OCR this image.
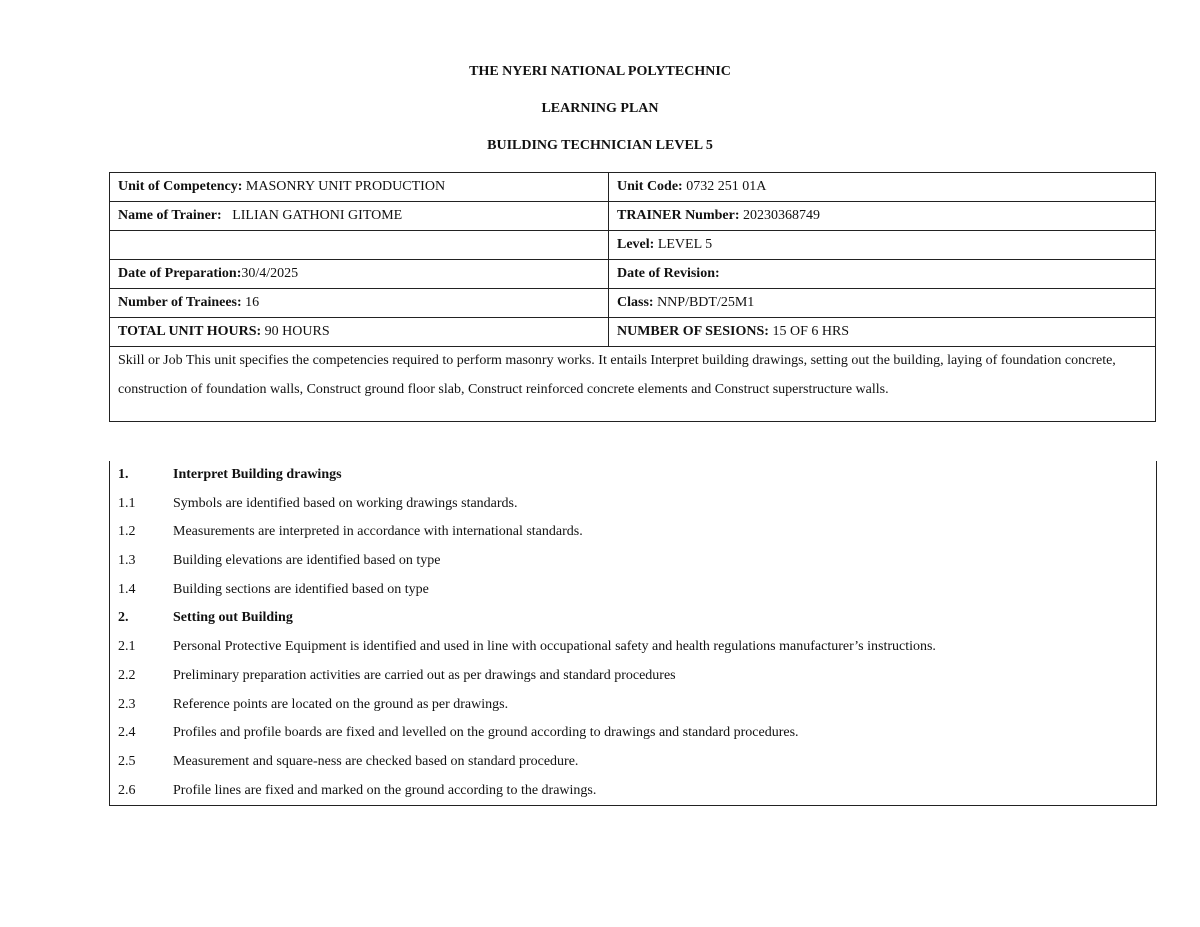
THE NYERI NATIONAL POLYTECHNIC
LEARNING PLAN
BUILDING TECHNICIAN LEVEL 5
Unit of Competency: MASONRY UNIT PRODUCTION	Unit Code: 0732 251 01A
Name of Trainer:   LILIAN GATHONI GITOME	TRAINER Number: 20230368749
	Level: LEVEL 5
Date of Preparation:30/4/2025	Date of Revision:
Number of Trainees: 16	Class: NNP/BDT/25M1
TOTAL UNIT HOURS: 90 HOURS	NUMBER OF SESIONS: 15 OF 6 HRS
Skill or Job This unit specifies the competencies required to perform masonry works. It entails Interpret building drawings, setting out the building, laying of foundation concrete, construction of foundation walls, Construct ground floor slab, Construct reinforced concrete elements and Construct superstructure walls.	
1.	Interpret Building drawings
1.1	Symbols are identified based on working drawings standards.
1.2	Measurements are interpreted in accordance with international standards.
1.3	Building elevations are identified based on type
1.4	Building sections are identified based on type
2.	Setting out Building
2.1	Personal Protective Equipment is identified and used in line with occupational safety and health regulations manufacturer’s instructions.
2.2	Preliminary preparation activities are carried out as per drawings and standard procedures
2.3	Reference points are located on the ground as per drawings.
2.4	Profiles and profile boards are fixed and levelled on the ground according to drawings and standard procedures.
2.5	Measurement and square-ness are checked based on standard procedure.
2.6	Profile lines are fixed and marked on the ground according to the drawings.
